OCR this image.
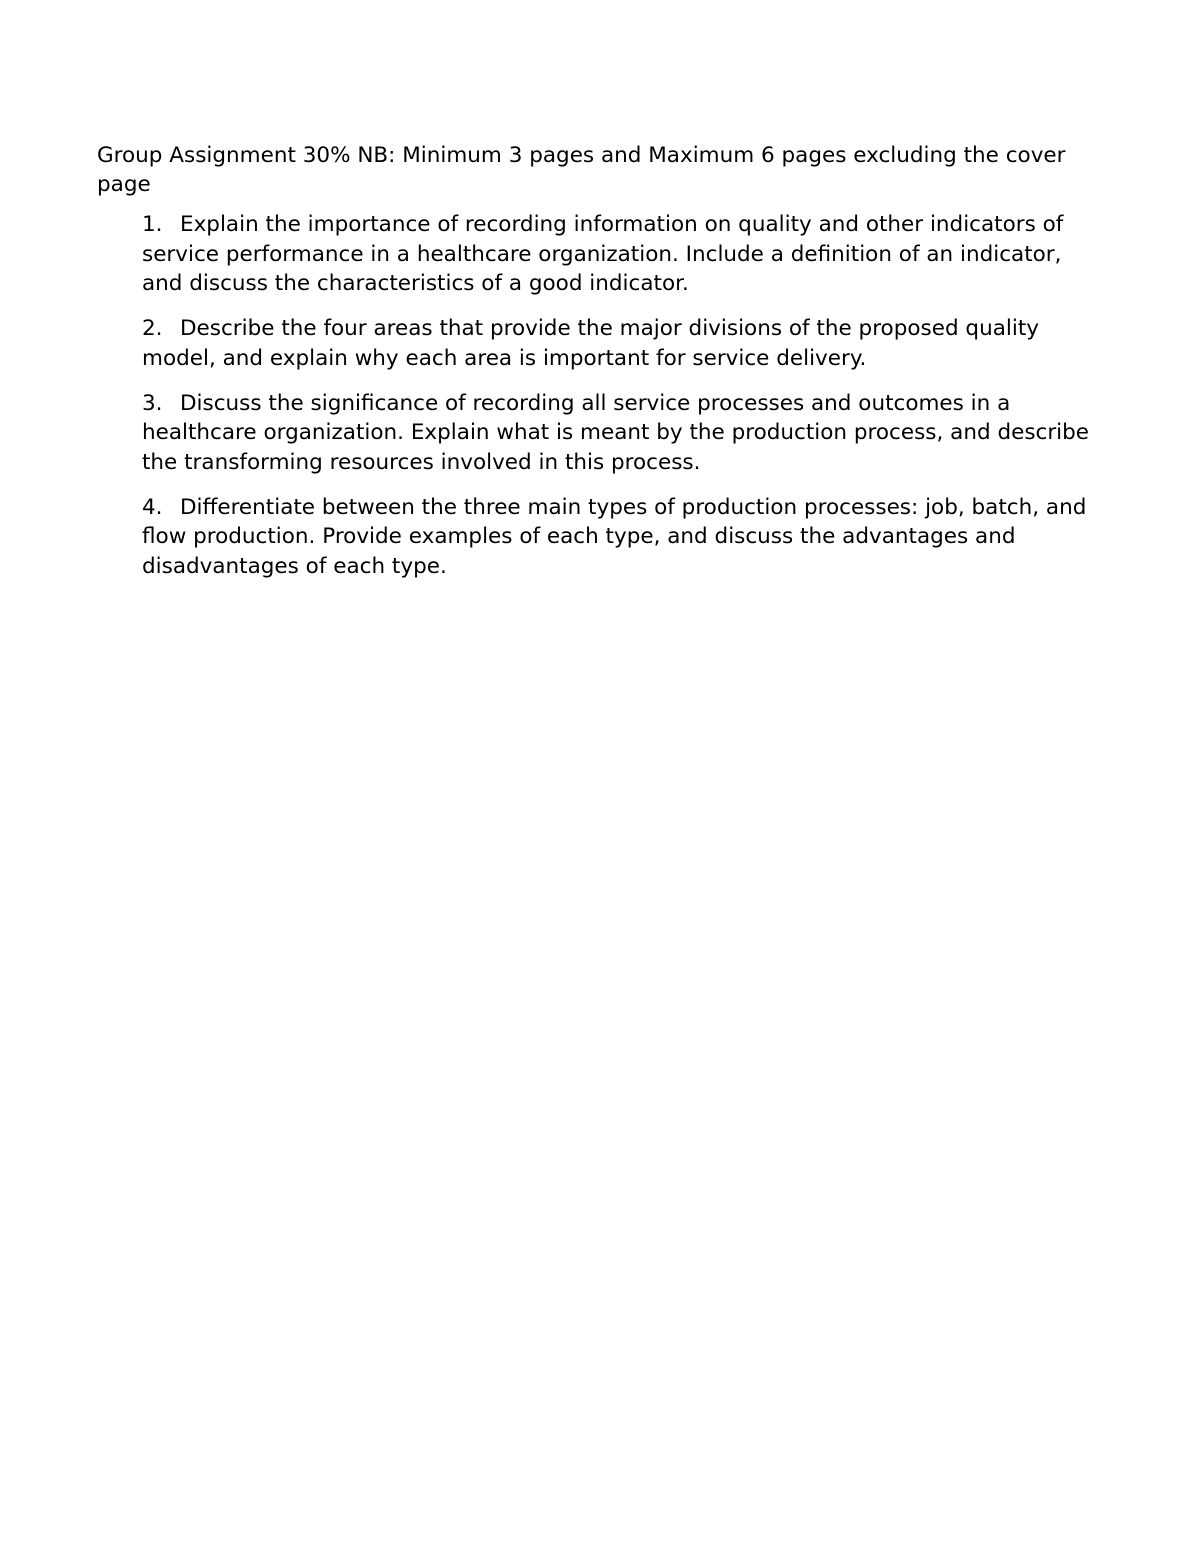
Group Assignment 30% NB: Minimum 3 pages and Maximum 6 pages excluding the cover page

1. Explain the importance of recording information on quality and other indicators of service performance in a healthcare organization. Include a definition of an indicator, and discuss the characteristics of a good indicator.
2. Describe the four areas that provide the major divisions of the proposed quality model, and explain why each area is important for service delivery.
3. Discuss the significance of recording all service processes and outcomes in a healthcare organization. Explain what is meant by the production process, and describe the transforming resources involved in this process.
4. Differentiate between the three main types of production processes: job, batch, and flow production. Provide examples of each type, and discuss the advantages and disadvantages of each type.
